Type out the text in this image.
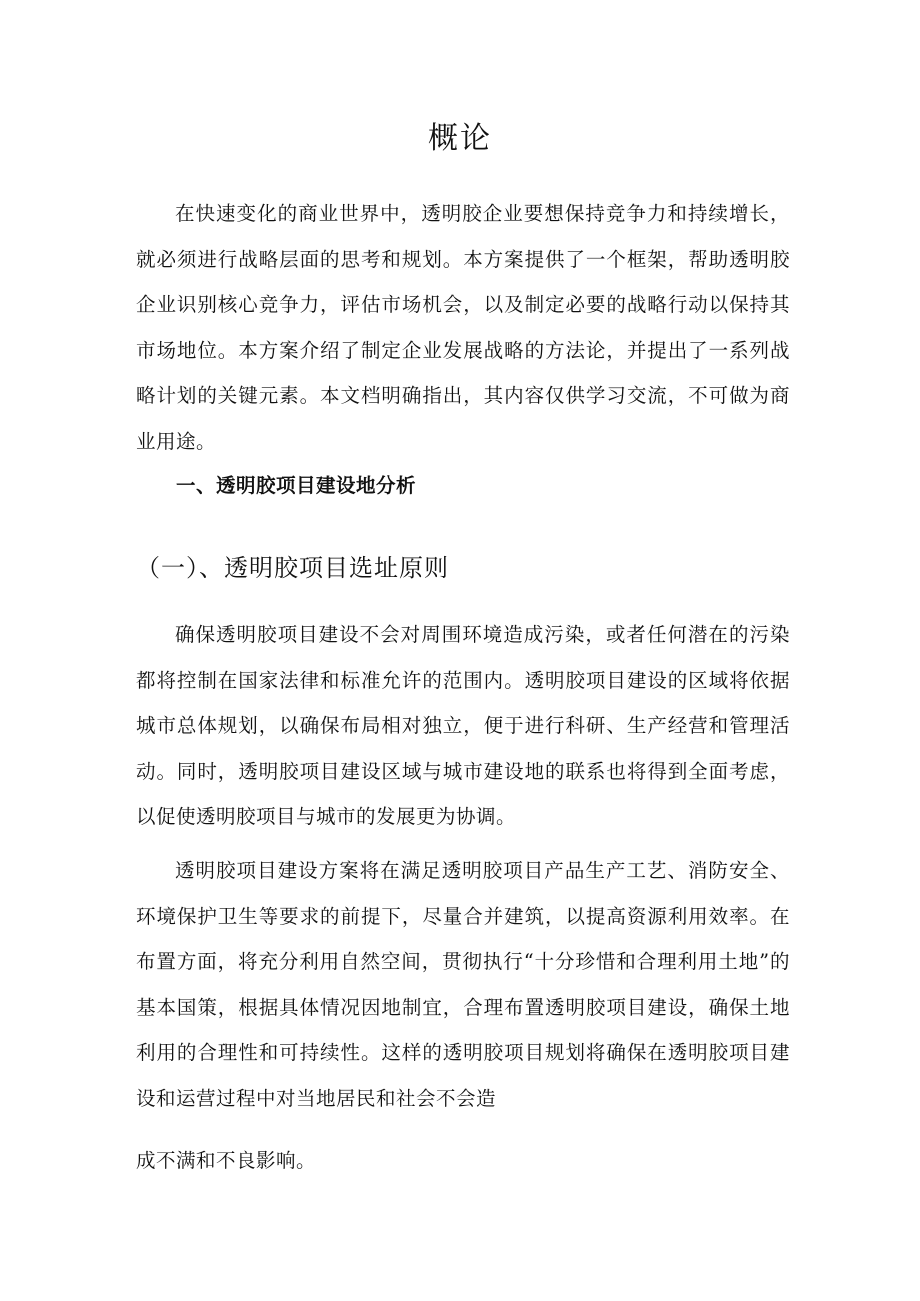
概论

在快速变化的商业世界中，透明胶企业要想保持竞争力和持续增长，就必须进行战略层面的思考和规划。本方案提供了一个框架，帮助透明胶企业识别核心竞争力，评估市场机会，以及制定必要的战略行动以保持其市场地位。本方案介绍了制定企业发展战略的方法论，并提出了一系列战略计划的关键元素。本文档明确指出，其内容仅供学习交流，不可做为商业用途。

一、透明胶项目建设地分析
（一）、透明胶项目选址原则

确保透明胶项目建设不会对周围环境造成污染，或者任何潜在的污染都将控制在国家法律和标准允许的范围内。透明胶项目建设的区域将依据城市总体规划，以确保布局相对独立，便于进行科研、生产经营和管理活动。同时，透明胶项目建设区域与城市建设地的联系也将得到全面考虑，以促使透明胶项目与城市的发展更为协调。

透明胶项目建设方案将在满足透明胶项目产品生产工艺、消防安全、环境保护卫生等要求的前提下，尽量合并建筑，以提高资源利用效率。在布置方面，将充分利用自然空间，贯彻执行“十分珍惜和合理利用土地”的基本国策，根据具体情况因地制宜，合理布置透明胶项目建设，确保土地利用的合理性和可持续性。这样的透明胶项目规划将确保在透明胶项目建设和运营过程中对当地居民和社会不会造

成不满和不良影响。
